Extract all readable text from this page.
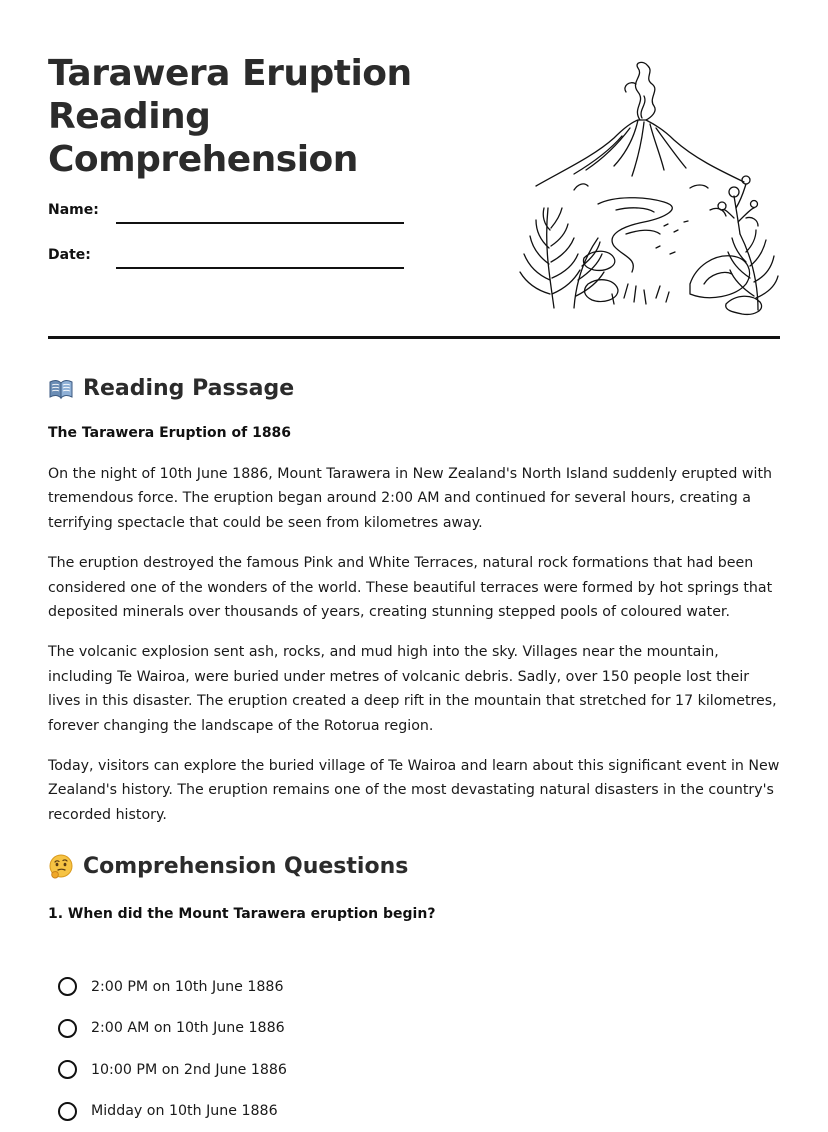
Tarawera Eruption Reading Comprehension
Name:
Date:
Reading Passage
The Tarawera Eruption of 1886

On the night of 10th June 1886, Mount Tarawera in New Zealand's North Island suddenly erupted with tremendous force. The eruption began around 2:00 AM and continued for several hours, creating a terrifying spectacle that could be seen from kilometres away.

The eruption destroyed the famous Pink and White Terraces, natural rock formations that had been considered one of the wonders of the world. These beautiful terraces were formed by hot springs that deposited minerals over thousands of years, creating stunning stepped pools of coloured water.

The volcanic explosion sent ash, rocks, and mud high into the sky. Villages near the mountain, including Te Wairoa, were buried under metres of volcanic debris. Sadly, over 150 people lost their lives in this disaster. The eruption created a deep rift in the mountain that stretched for 17 kilometres, forever changing the landscape of the Rotorua region.

Today, visitors can explore the buried village of Te Wairoa and learn about this significant event in New Zealand's history. The eruption remains one of the most devastating natural disasters in the country's recorded history.

Comprehension Questions

1. When did the Mount Tarawera eruption begin?

2:00 PM on 10th June 1886
2:00 AM on 10th June 1886
10:00 PM on 2nd June 1886
Midday on 10th June 1886
